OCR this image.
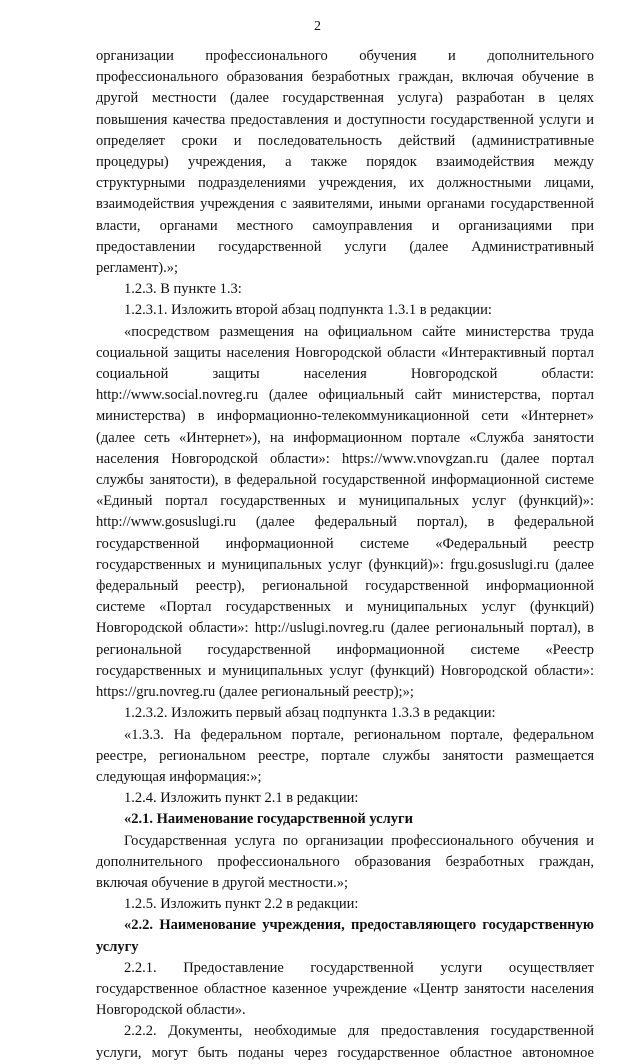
2

организации профессионального обучения и дополнительного

профессионального образования безработных граждан, включая обучение в

другой местности (далее государственная услуга) разработан в целях

повышения качества предоставления и доступности государственной услуги и

определяет сроки и последовательность действий (административные

процедуры) учреждения, а также порядок взаимодействия между

структурными подразделениями учреждения, их должностными лицами,

взаимодействия учреждения с заявителями, иными органами государственной

власти, органами местного самоуправления и организациями при

предоставлении государственной услуги (далее Административный

регламент).»;

1.2.3. В пункте 1.3:

1.2.3.1. Изложить второй абзац подпункта 1.3.1 в редакции:

«посредством размещения на официальном сайте министерства труда

социальной защиты населения Новгородской области «Интерактивный портал

социальной защиты населения Новгородской области:

http://www.social.novreg.ru (далее официальный сайт министерства, портал

министерства) в информационно-телекоммуникационной сети «Интернет»

(далее сеть «Интернет»), на информационном портале «Служба занятости

населения Новгородской области»: https://www.vnovgzan.ru (далее портал

службы занятости), в федеральной государственной информационной системе

«Единый портал государственных и муниципальных услуг (функций)»:

http://www.gosuslugi.ru (далее федеральный портал), в федеральной

государственной информационной системе «Федеральный реестр

государственных и муниципальных услуг (функций)»: frgu.gosuslugi.ru (далее

федеральный реестр), региональной государственной информационной

системе «Портал государственных и муниципальных услуг (функций)

Новгородской области»: http://uslugi.novreg.ru (далее региональный портал), в

региональной государственной информационной системе «Реестр

государственных и муниципальных услуг (функций) Новгородской области»:

https://gru.novreg.ru (далее региональный реестр);»;

1.2.3.2. Изложить первый абзац подпункта 1.3.3 в редакции:

«1.3.3. На федеральном портале, региональном портале, федеральном

реестре, региональном реестре, портале службы занятости размещается

следующая информация:»;

1.2.4. Изложить пункт 2.1 в редакции:

«2.1. Наименование государственной услуги

Государственная услуга по организации профессионального обучения и

дополнительного профессионального образования безработных граждан,

включая обучение в другой местности.»;

1.2.5. Изложить пункт 2.2 в редакции:

«2.2. Наименование учреждения, предоставляющего государственную

услугу

2.2.1. Предоставление государственной услуги осуществляет

государственное областное казенное учреждение «Центр занятости населения

Новгородской области».

2.2.2. Документы, необходимые для предоставления государственной

услуги, могут быть поданы через государственное областное автономное
